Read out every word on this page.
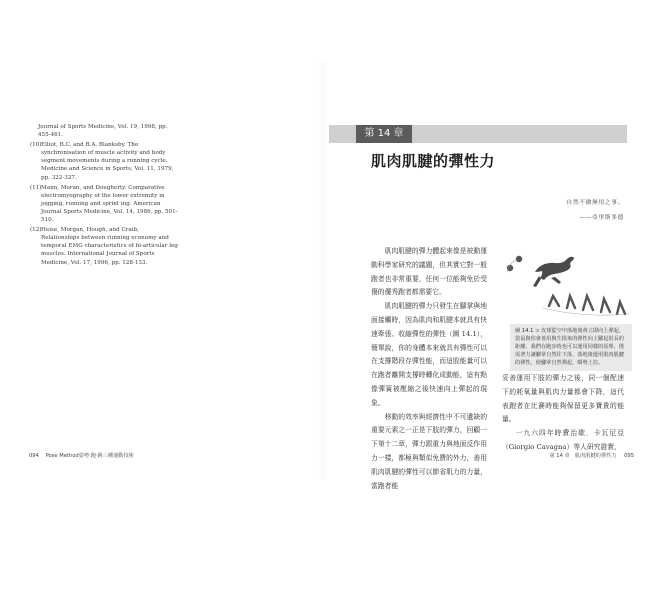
Journal of Sports Medicine, Vol. 19, 1998, pp. 455-461.
(10) Elliot, B.C. and B.A. Blanksby. The synchronisation of muscle activity and body segment movements during a running cycle. Medicine and Science in Sports, Vol. 11, 1979, pp. 322-327.
(11) Mann, Moran, and Dougherty. Comparative electromyography of the lower extremity in jogging, running and sprint ing. American Journal Sports Medicine, Vol. 14, 1986, pp. 501-510.
(12) Heise, Morgan, Hough, and Craib, Relationships between running economy and temporal EMG characteristics of bi-articular leg muscles. International Journal of Sports Medicine, Vol. 17, 1996, pp. 128-133.
094 Pose Method姿勢‧跑‧跳三種運動技術
第 14 章
肌肉肌腱的彈性力
自然不做無用之事。
——亞里斯多德

肌肉肌腱的彈力體起來像是被動運動科學家研究的議題，但其實它對一般跑者也非常重要，任何一位能夠免於受傷的優秀跑者都需要它。

肌肉肌腱的彈力只發生在腳掌與地面接觸時，因為肌肉和肌腱本就具有快速牽張、收縮彈性的彈性（圖 14.1），簡單說，你的身體本來就具有彈性可以在支撐階段存彈性能，而這股能量可以在跑者離開支撐時轉化成動能，這有點像彈簧被壓縮之後快速向上彈起的現象。

移動的效率與經濟性中不可遺缺的重要元素之一正是下肢的彈力，回顧一下第十二章，彈力跟重力與地面反作用力一樣，都極與類似免費的外力，善用肌肉肌腱的彈性可以節省肌力的力量，當跑者能

圖 14.1 ⊃ 皮球從空中落地後會立即向上彈起，袋鼠與你會善用與生俱來的彈性向上躍起很長的距離。我們在跑步時也可以運用同樣的原理，僅需著力讓腳掌自然往下落，落地後運用肌肉肌腱的彈性，使腳掌自然彈起，順勢上拉。

妥善運用下肢的彈力之後，同一個配速下的耗氧量與肌肉力量都會下降，這代表跑者在比賽時能夠保留更多寶貴的能量。

一九六四年時費治歇．卡瓦尼亞（Giorgio Cavagna）等人研究證實，

第 14 章　肌肉肌腱的彈性力 095
